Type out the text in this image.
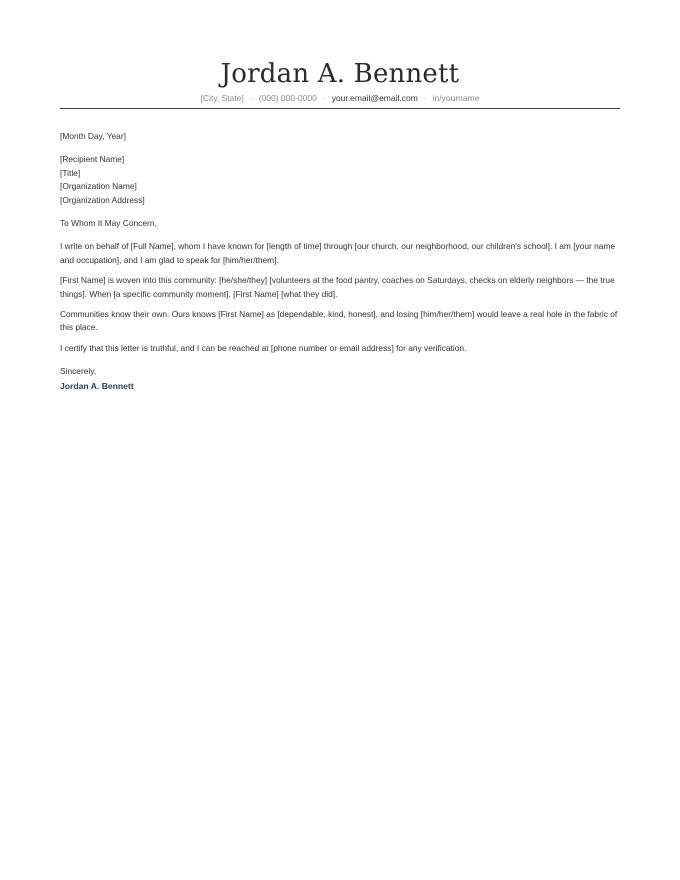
Jordan A. Bennett
[City, State] · (000) 000-0000 · your.email@email.com · in/yourname
[Month Day, Year]
[Recipient Name]
[Title]
[Organization Name]
[Organization Address]
To Whom It May Concern,

I write on behalf of [Full Name], whom I have known for [length of time] through [our church, our neighborhood, our children's school]. I am [your name and occupation], and I am glad to speak for [him/her/them].

[First Name] is woven into this community: [he/she/they] [volunteers at the food pantry, coaches on Saturdays, checks on elderly neighbors — the true things]. When [a specific community moment], [First Name] [what they did].

Communities know their own. Ours knows [First Name] as [dependable, kind, honest], and losing [him/her/them] would leave a real hole in the fabric of this place.

I certify that this letter is truthful, and I can be reached at [phone number or email address] for any verification.

Sincerely,
Jordan A. Bennett
